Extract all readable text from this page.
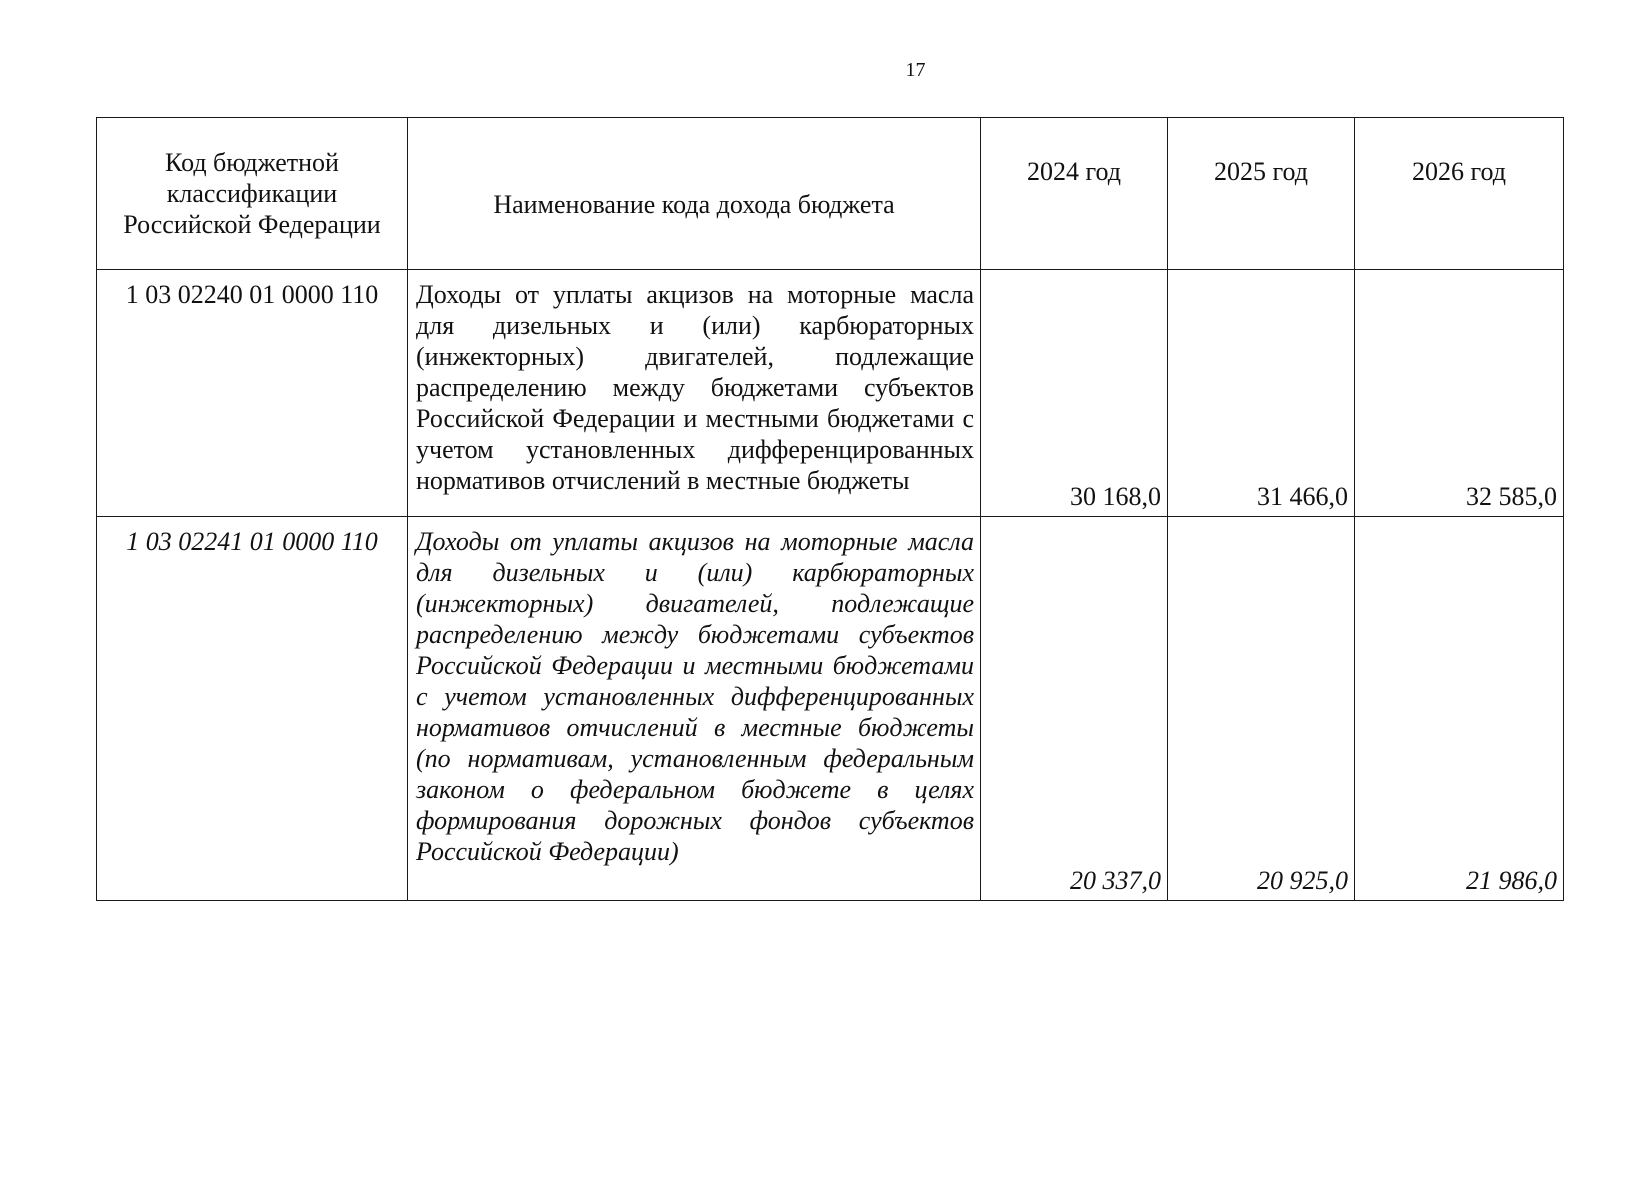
17
Код бюджетной классификации Российской Федерации	Наименование кода дохода бюджета	2024 год	2025 год	2026 год
1 03 02240 01 0000 110	Доходы от уплаты акцизов на моторные масла для дизельных и (или) карбюраторных (инжекторных) двигателей, подлежащие распределению между бюджетами субъектов Российской Федерации и местными бюджетами с учетом установленных дифференцированных нормативов отчислений в местные бюджеты	30 168,0	31 466,0	32 585,0
1 03 02241 01 0000 110	Доходы от уплаты акцизов на моторные масла для дизельных и (или) карбюраторных (инжекторных) двигателей, подлежащие распределению между бюджетами субъектов Российской Федерации и местными бюджетами с учетом установленных дифференцированных нормативов отчислений в местные бюджеты (по нормативам, установленным федеральным законом о федеральном бюджете в целях формирования дорожных фондов субъектов Российской Федерации)	20 337,0	20 925,0	21 986,0
